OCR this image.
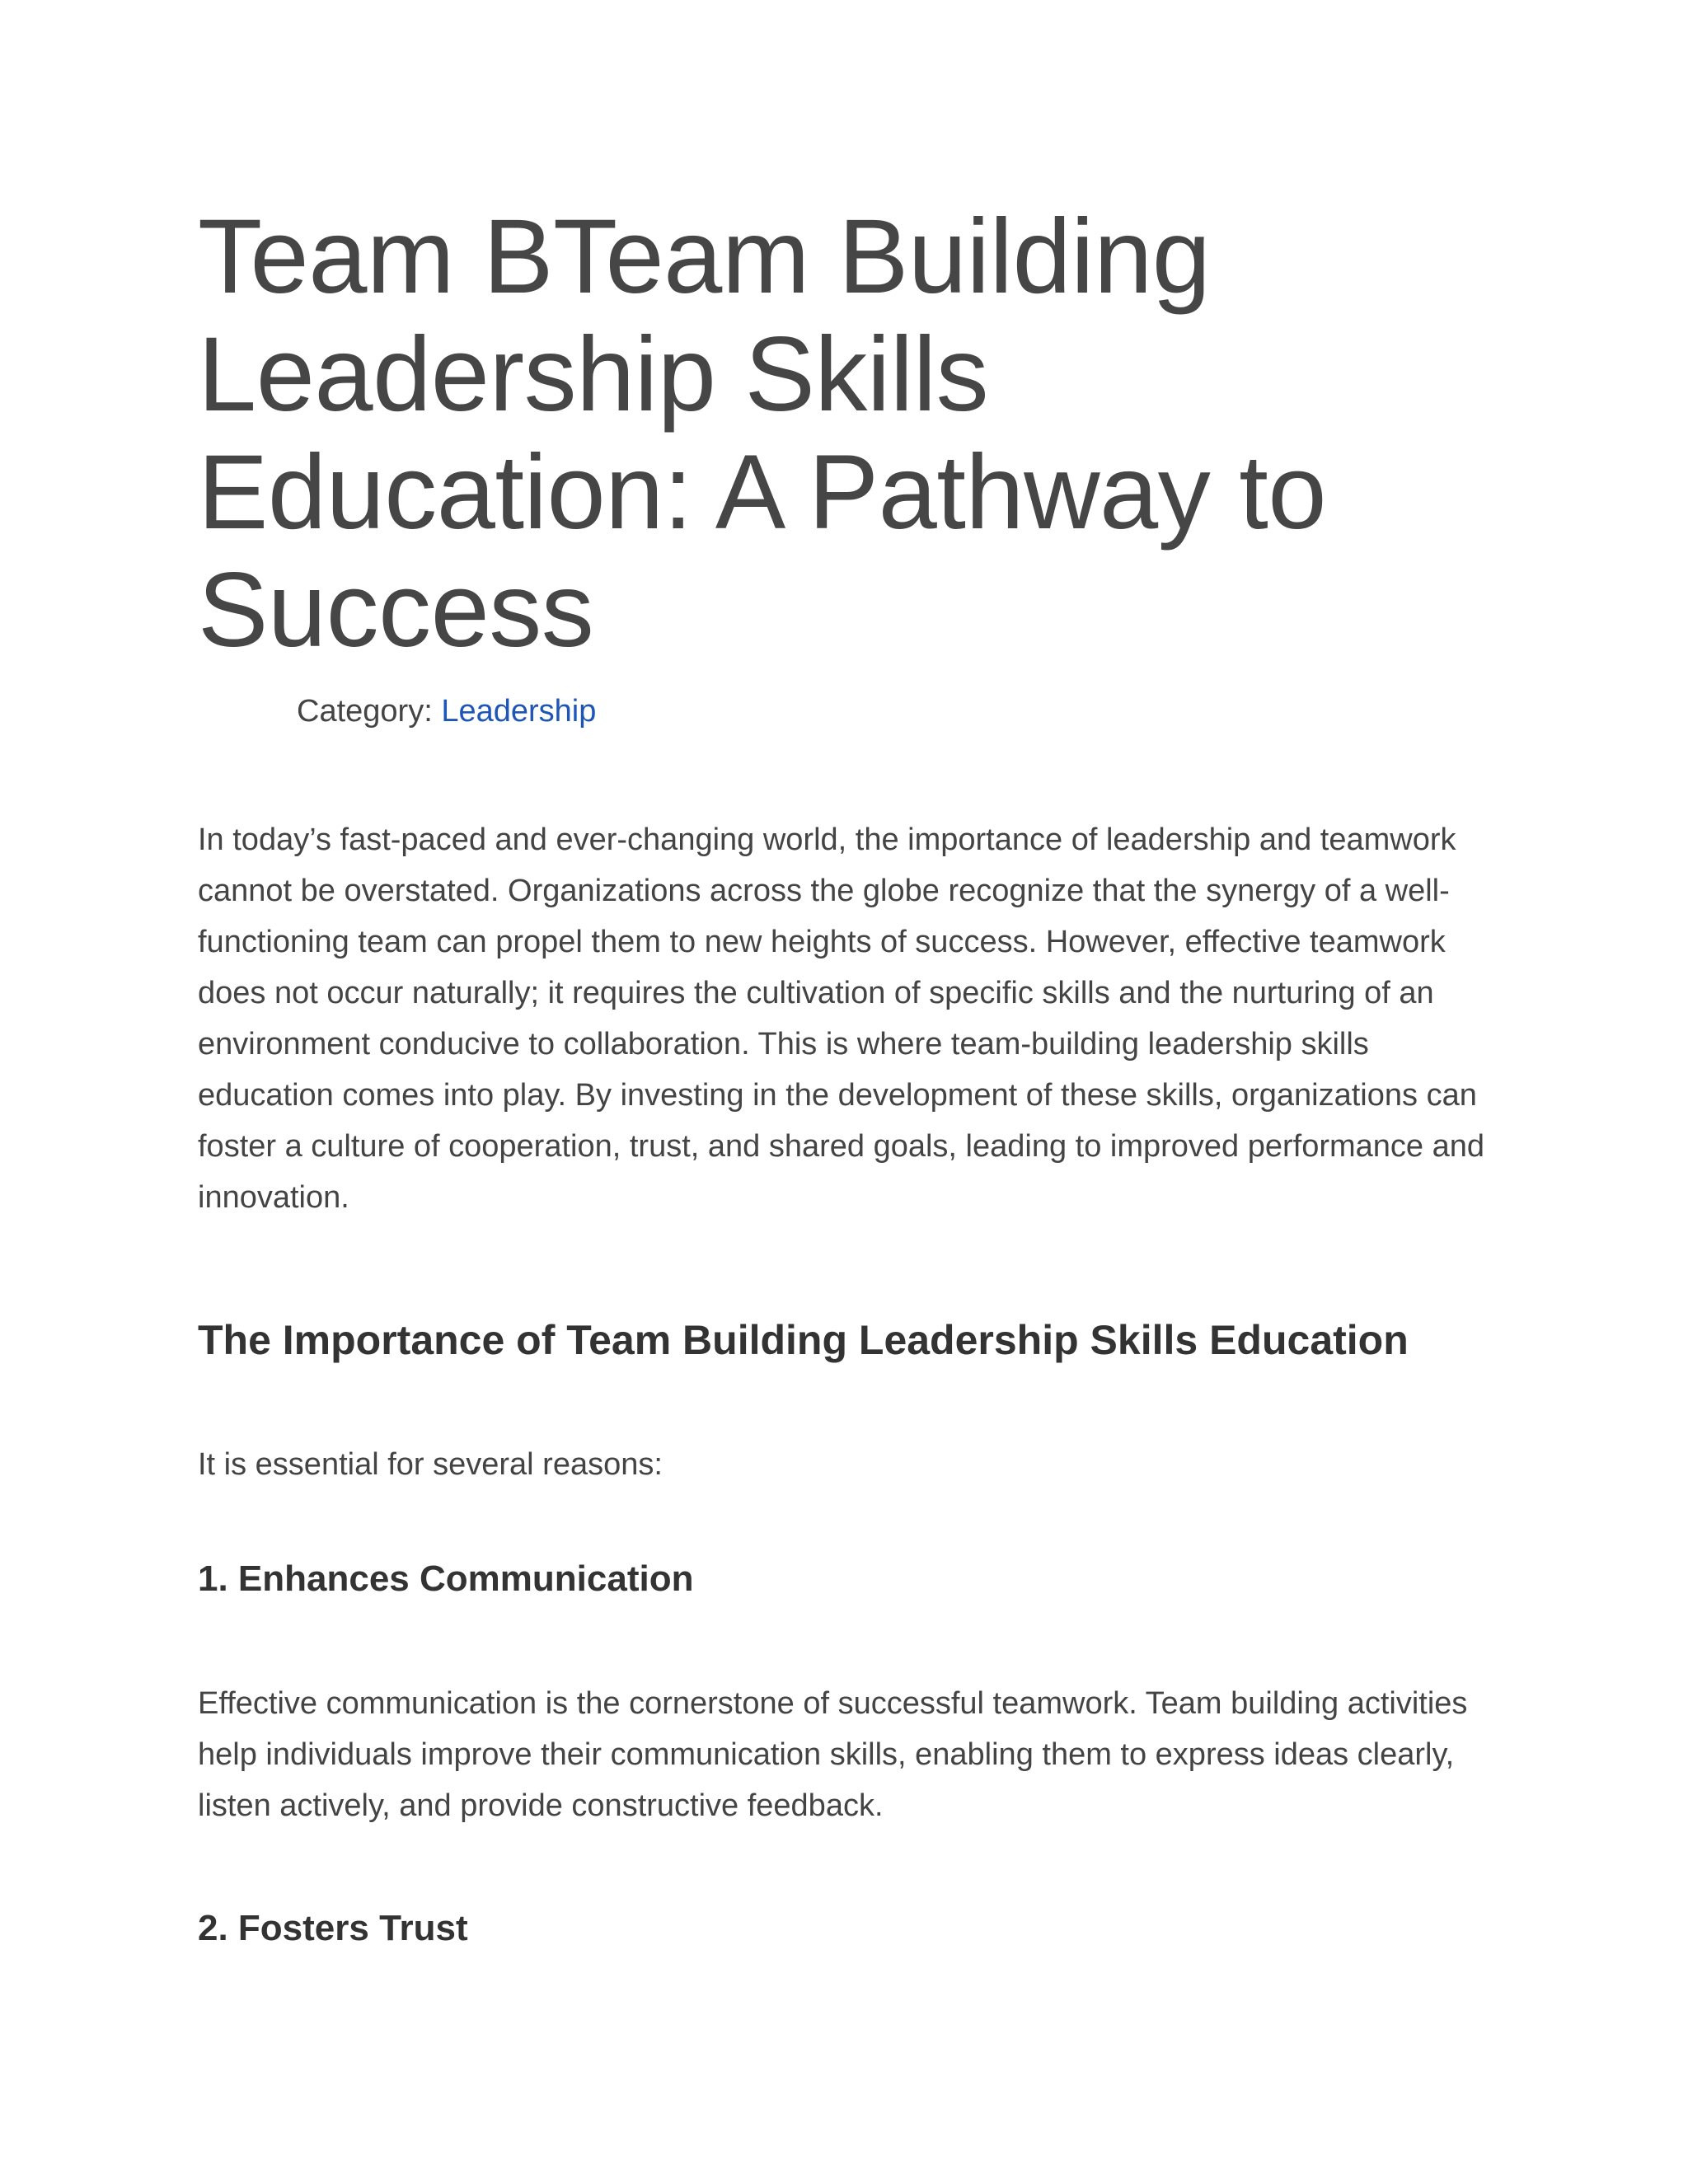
Team BTeam Building Leadership Skills Education: A Pathway to Success
Category: Leadership

In today’s fast-paced and ever-changing world, the importance of leadership and teamwork cannot be overstated. Organizations across the globe recognize that the synergy of a well-functioning team can propel them to new heights of success. However, effective teamwork does not occur naturally; it requires the cultivation of specific skills and the nurturing of an environment conducive to collaboration. This is where team-building leadership skills education comes into play. By investing in the development of these skills, organizations can foster a culture of cooperation, trust, and shared goals, leading to improved performance and innovation.

The Importance of Team Building Leadership Skills Education

It is essential for several reasons:

1. Enhances Communication

Effective communication is the cornerstone of successful teamwork. Team building activities help individuals improve their communication skills, enabling them to express ideas clearly, listen actively, and provide constructive feedback.

2. Fosters Trust
